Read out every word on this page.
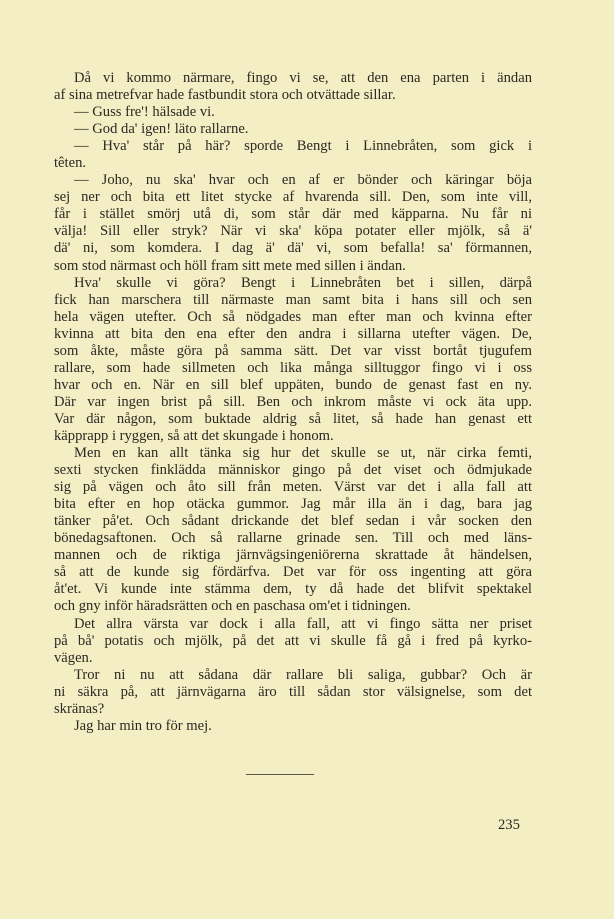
Då vi kommo närmare, fingo vi se, att den ena parten i ändan
af sina metrefvar hade fastbundit stora och otvättade sillar.
— Guss fre'! hälsade vi.
— God da' igen! läto rallarne.
— Hva' står på här? sporde Bengt i Linnebråten, som gick i
têten.
— Joho, nu ska' hvar och en af er bönder och käringar böja
sej ner och bita ett litet stycke af hvarenda sill. Den, som inte vill,
får i stället smörj utå di, som står där med käpparna. Nu får ni
välja! Sill eller stryk? När vi ska' köpa potater eller mjölk, så ä'
dä' ni, som komdera. I dag ä' dä' vi, som befalla! sa' förmannen,
som stod närmast och höll fram sitt mete med sillen i ändan.
Hva' skulle vi göra? Bengt i Linnebråten bet i sillen, därpå
fick han marschera till närmaste man samt bita i hans sill och sen
hela vägen utefter. Och så nödgades man efter man och kvinna efter
kvinna att bita den ena efter den andra i sillarna utefter vägen. De,
som åkte, måste göra på samma sätt. Det var visst bortåt tjugufem
rallare, som hade sillmeten och lika många silltuggor fingo vi i oss
hvar och en. När en sill blef uppäten, bundo de genast fast en ny.
Där var ingen brist på sill. Ben och inkrom måste vi ock äta upp.
Var där någon, som buktade aldrig så litet, så hade han genast ett
käpprapp i ryggen, så att det skungade i honom.
Men en kan allt tänka sig hur det skulle se ut, när cirka femti,
sexti stycken finklädda människor gingo på det viset och ödmjukade
sig på vägen och åto sill från meten. Värst var det i alla fall att
bita efter en hop otäcka gummor. Jag mår illa än i dag, bara jag
tänker på'et. Och sådant drickande det blef sedan i vår socken den
bönedagsaftonen. Och så rallarne grinade sen. Till och med läns-
mannen och de riktiga järnvägsingeniörerna skrattade åt händelsen,
så att de kunde sig fördärfva. Det var för oss ingenting att göra
åt'et. Vi kunde inte stämma dem, ty då hade det blifvit spektakel
och gny inför häradsrätten och en paschasa om'et i tidningen.
Det allra värsta var dock i alla fall, att vi fingo sätta ner priset
på bå' potatis och mjölk, på det att vi skulle få gå i fred på kyrko-
vägen.
Tror ni nu att sådana där rallare bli saliga, gubbar? Och är
ni säkra på, att järnvägarna äro till sådan stor välsignelse, som det
skränas?
Jag har min tro för mej.
235
